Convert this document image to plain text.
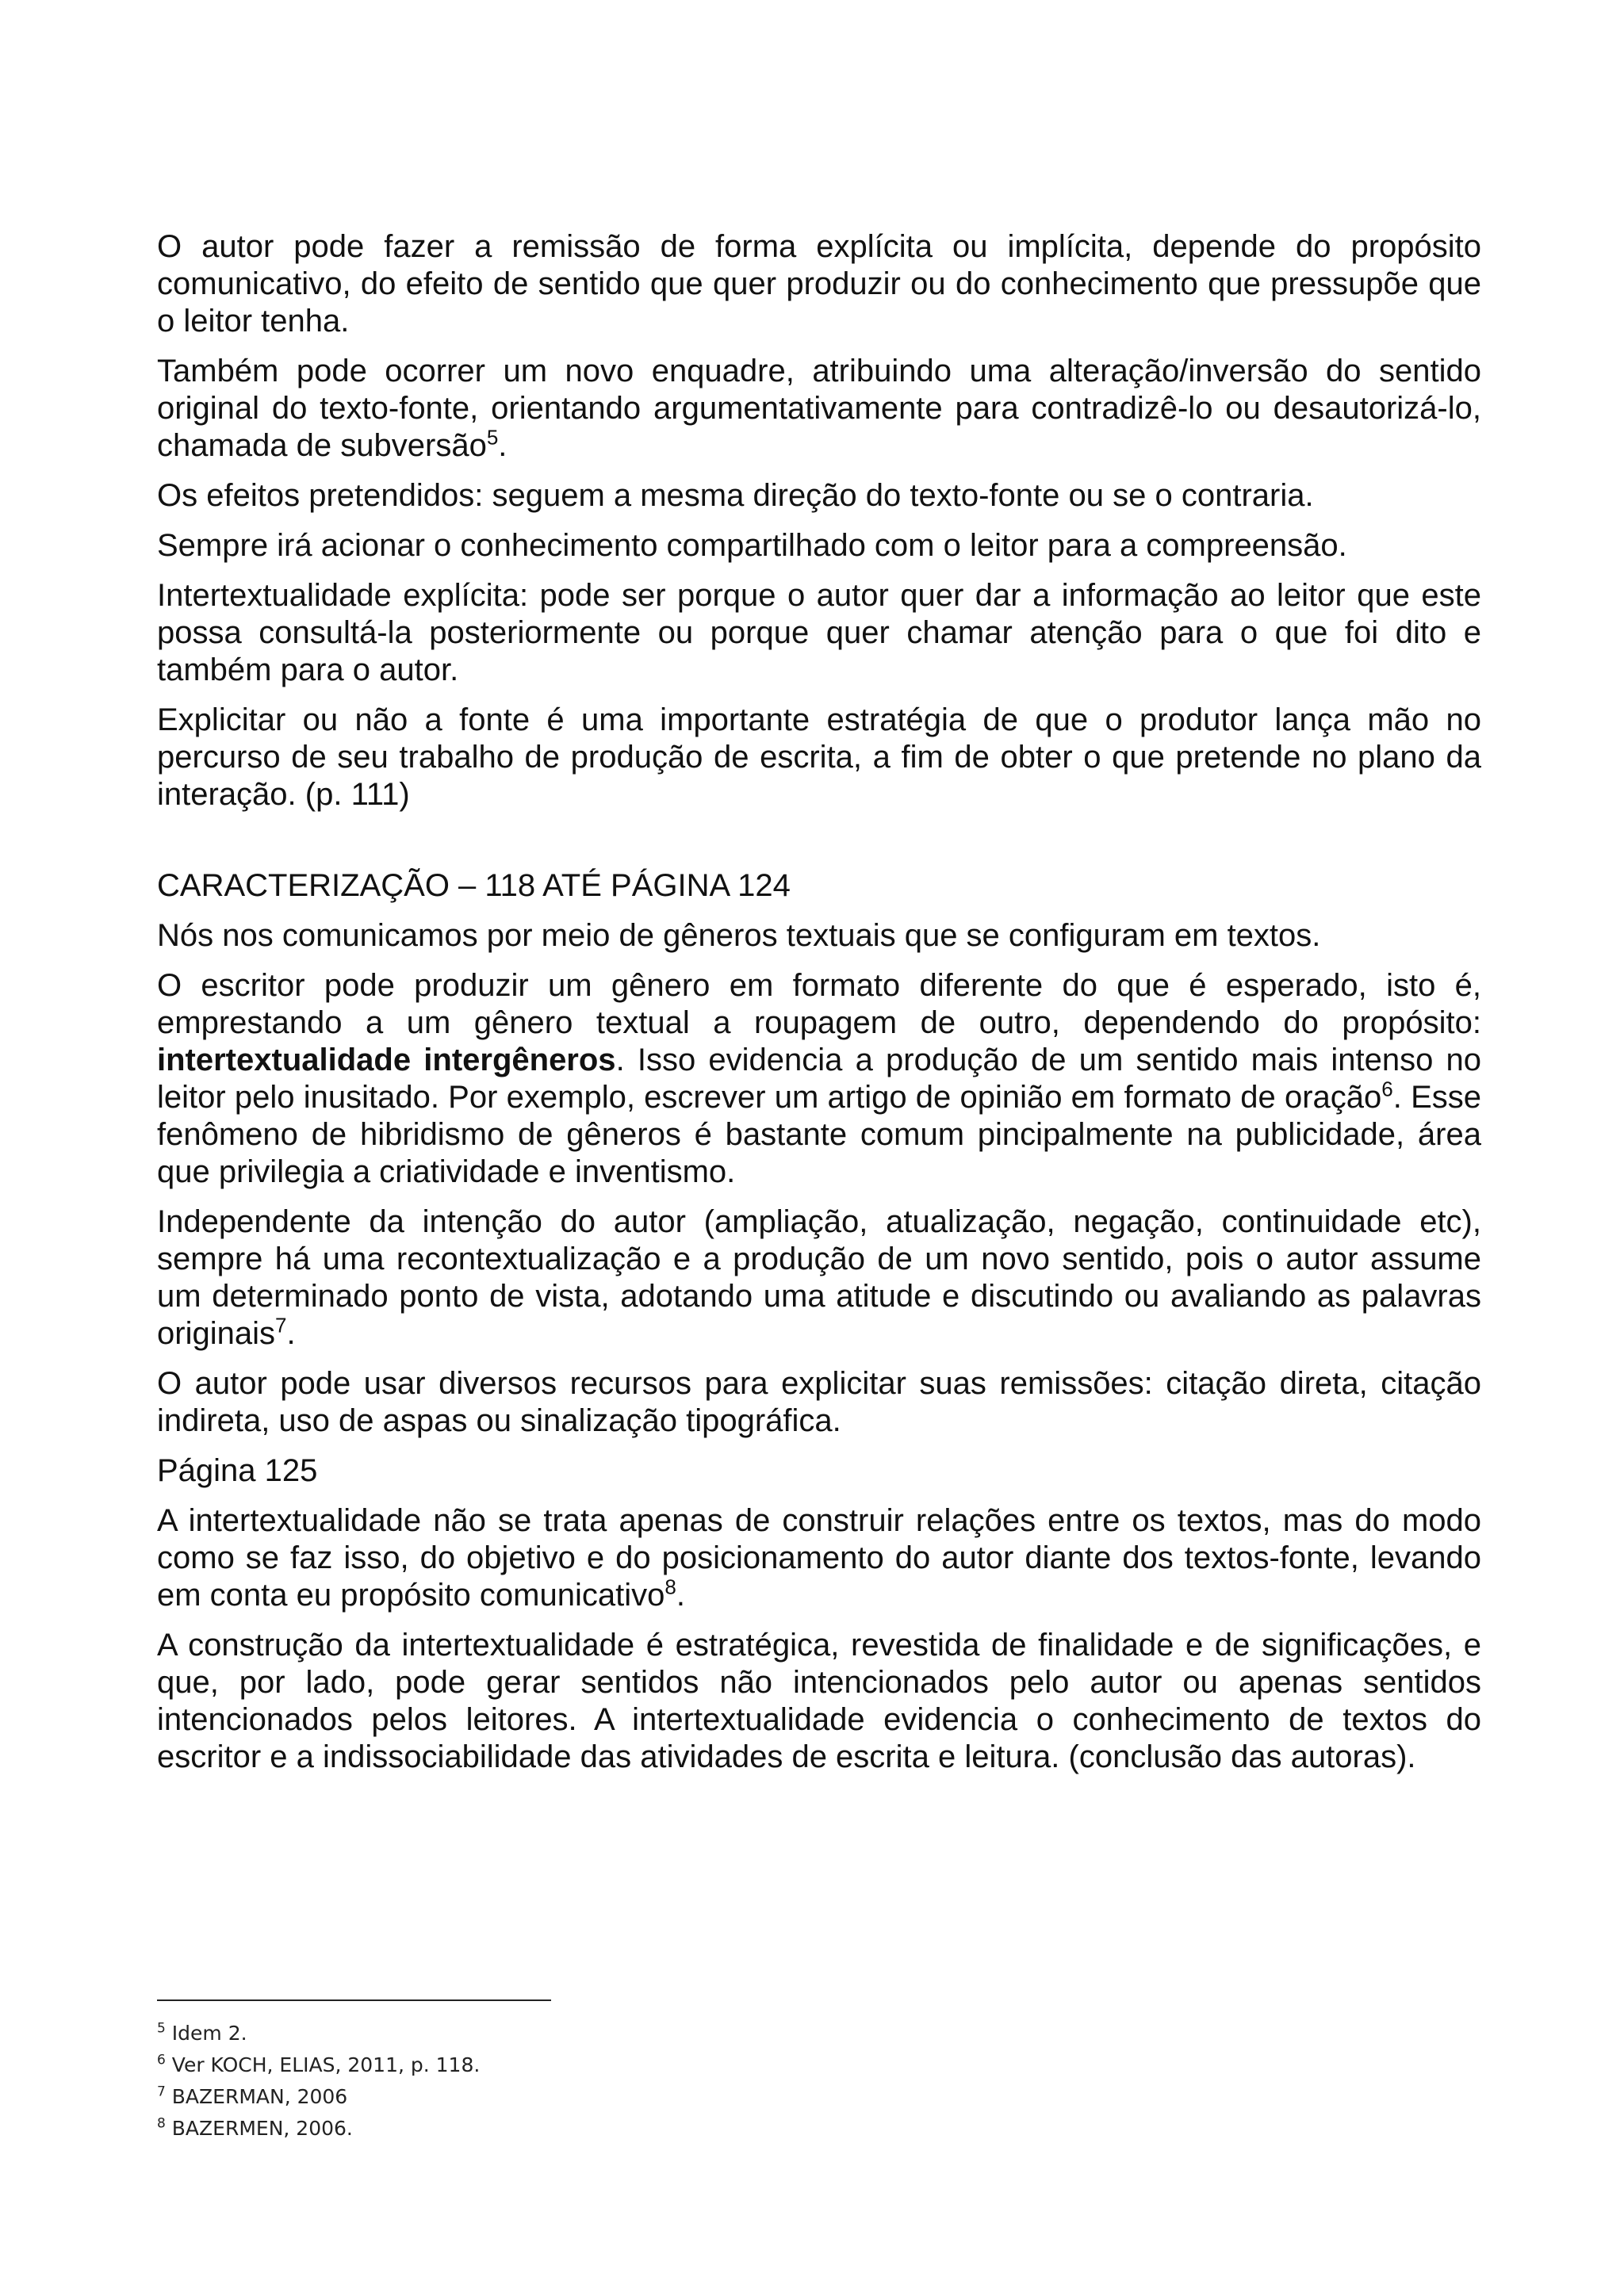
O autor pode fazer a remissão de forma explícita ou implícita, depende do propósito comunicativo, do efeito de sentido que quer produzir ou do conhecimento que pressupõe que o leitor tenha.

Também pode ocorrer um novo enquadre, atribuindo uma alteração/inversão do sentido original do texto-fonte, orientando argumentativamente para contradizê-lo ou desautorizá-lo, chamada de subversão$^5$.

Os efeitos pretendidos: seguem a mesma direção do texto-fonte ou se o contraria.

Sempre irá acionar o conhecimento compartilhado com o leitor para a compreensão.

Intertextualidade explícita: pode ser porque o autor quer dar a informação ao leitor que este possa consultá-la posteriormente ou porque quer chamar atenção para o que foi dito e também para o autor.

Explicitar ou não a fonte é uma importante estratégia de que o produtor lança mão no percurso de seu trabalho de produção de escrita, a fim de obter o que pretende no plano da interação. (p. 111)

CARACTERIZAÇÃO – 118 ATÉ PÁGINA 124

Nós nos comunicamos por meio de gêneros textuais que se configuram em textos.

O escritor pode produzir um gênero em formato diferente do que é esperado, isto é, emprestando a um gênero textual a roupagem de outro, dependendo do propósito: intertextualidade intergêneros. Isso evidencia a produção de um sentido mais intenso no leitor pelo inusitado. Por exemplo, escrever um artigo de opinião em formato de oração$^6$. Esse fenômeno de hibridismo de gêneros é bastante comum pincipalmente na publicidade, área que privilegia a criatividade e inventismo.

Independente da intenção do autor (ampliação, atualização, negação, continuidade etc), sempre há uma recontextualização e a produção de um novo sentido, pois o autor assume um determinado ponto de vista, adotando uma atitude e discutindo ou avaliando as palavras originais$^7$.

O autor pode usar diversos recursos para explicitar suas remissões: citação direta, citação indireta, uso de aspas ou sinalização tipográfica.

Página 125

A intertextualidade não se trata apenas de construir relações entre os textos, mas do modo como se faz isso, do objetivo e do posicionamento do autor diante dos textos-fonte, levando em conta eu propósito comunicativo$^8$.

A construção da intertextualidade é estratégica, revestida de finalidade e de significações, e que, por lado, pode gerar sentidos não intencionados pelo autor ou apenas sentidos intencionados pelos leitores. A intertextualidade evidencia o conhecimento de textos do escritor e a indissociabilidade das atividades de escrita e leitura. (conclusão das autoras).

$^5$ Idem 2.

$^6$ Ver KOCH, ELIAS, 2011, p. 118.

$^7$ BAZERMAN, 2006

$^8$ BAZERMEN, 2006.
